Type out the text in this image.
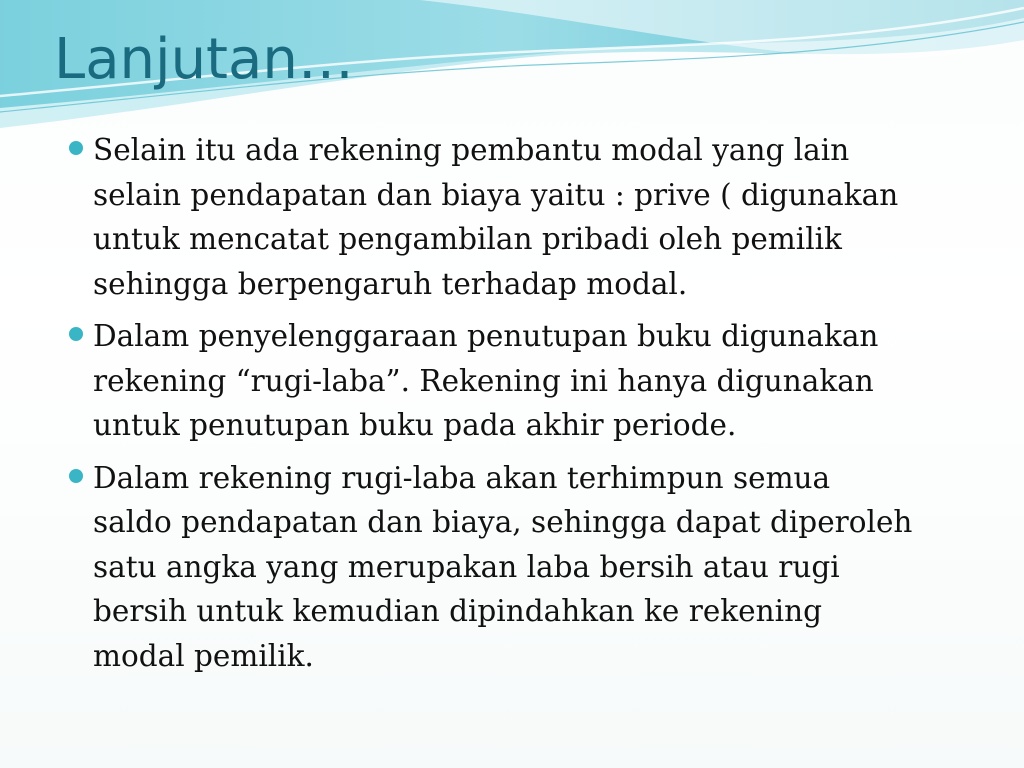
Lanjutan…
Selain itu ada rekening pembantu modal yang lain
selain pendapatan dan biaya yaitu : prive ( digunakan
untuk mencatat pengambilan pribadi oleh pemilik
sehingga berpengaruh terhadap modal.
Dalam penyelenggaraan penutupan buku digunakan
rekening “rugi-laba”. Rekening ini hanya digunakan
untuk penutupan buku pada akhir periode.
Dalam rekening rugi-laba akan terhimpun semua
saldo pendapatan dan biaya, sehingga dapat diperoleh
satu angka yang merupakan laba bersih atau rugi
bersih untuk kemudian dipindahkan ke rekening
modal pemilik.
